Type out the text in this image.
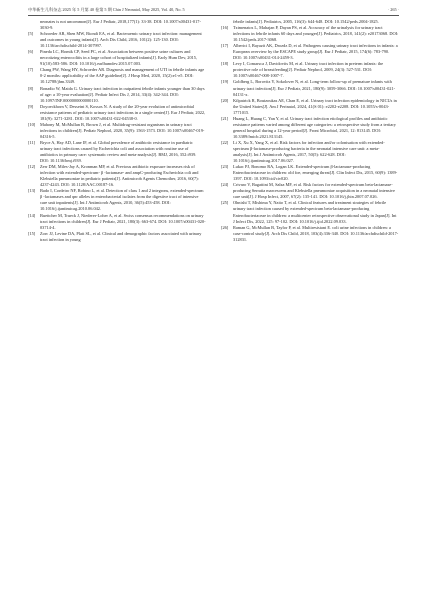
中华新生儿科杂志 2025 年 5 月第 40 卷第 5 期 Chin J Neonatol, May 2025, Vol. 40, No. 5	· 265 ·
neonates is not uncommon[J]. Eur J Pediatr, 2018,177(1): 33-38. DOI: 10.1007/s00431-017-3030-9.
[5] Schroeder AR, Shen MW, Biondi EA, et al. Bacteraemic urinary tract infection: management and outcomes in young infants[J]. Arch Dis Child, 2016, 101(2): 125-130. DOI: 10.1136/archdischild-2014-307997.
[6] Pineda LC, Hornik CP, Seed PC, et al. Association between positive urine cultures and necrotizing enterocolitis in a large cohort of hospitalized infants[J]. Early Hum Dev, 2015, 91(10):583-586. DOI: 10.1016/j.earlhumdev.2015.07.003.
[7] Chang PW, Wang HY, Schroeder AR. Diagnosis and management of UTI in febrile infants age 0-2 months: applicability of the AAP guideline[J]. J Hosp Med, 2020, 15(2):e1-e5. DOI: 10.12788/jhm.3349.
[8] Bonadio W, Maida G. Urinary tract infection in outpatient febrile infants younger than 30 days of age: a 10-year evaluation[J]. Pediatr Infect Dis J, 2014, 33(4): 342-344. DOI: 10.1097/INF.0000000000000110.
[9] Doyoeckhorn V, Desseint S, Kossos N. A study of the 20-year evolution of antimicrobial resistance patterns of pediatric urinary tract infections in a single center[J]. Eur J Pediatr, 2022, 181(9): 3271-3281. DOI: 10.1007/s00431-022-04538-0.
[10] Mahony M, McMullan B, Brown J, et al. Multidrug-resistant organisms in urinary tract infections in children[J]. Pediatr Nephrol, 2020, 35(9): 1563-1573. DOI: 10.1007/s00467-019-04316-5.
[11] Bryce A, Hay AD, Lane IF, et al. Global prevalence of antibiotic resistance in paediatric urinary tract infections caused by Escherichia coli and association with routine use of antibiotics in primary care: systematic review and meta-analysis[J]. BMJ, 2016, 352:i939. DOI: 10.1136/bmj.i939.
[12] Zerr DM, Miles-Jay A, Kronman MP, et al. Previous antibiotic exposure increases risk of infection with extended-spectrum- β -lactamase- and ampC-producing Escherichia coli and Klebsiella pneumoniae in pediatric patients[J]. Antimicrob Agents Chemother, 2016, 60(7): 4237-4243. DOI: 10.1128/AAC.00187-16.
[13] Bado I, Cordeiro NF, Robino L, et al. Detection of class 1 and 2 integrons, extended-spectrum β -lactamases and qnr alleles in enterobacterial isolates from the digestive tract of intensive care unit inpatients[J]. Int J Antimicrob Agents, 2010, 36(5):453-458. DOI: 10.1016/j.ijantimicag.2010.06.042.
[14] Buettcher M, Trueck J, Niederer-Loher A, et al. Swiss consensus recommendations on urinary tract infections in children[J]. Eur J Pediatr, 2021, 180(3): 663-674. DOI: 10.1007/s00431-020-03714-4.
[15] Zorc JJ, Levine DA, Platt SL, et al. Clinical and demographic factors associated with urinary tract infection in young
febrile infants[J]. Pediatrics, 2005, 116(3): 644-648. DOI: 10.1542/peds.2004-1825.
[16] Tzimenatos L, Mahajan P, Dayan PS, et al. Accuracy of the urinalysis for urinary tract infections in febrile infants 60 days and younger[J]. Pediatrics, 2018, 141(2): e20173068. DOI: 10.1542/peds.2017-3068.
[17] Alberici I, Bayazit AK, Drozdz D, et al. Pathogens causing urinary tract infections in infants: a European overview by the ESCAPE study group[J]. Eur J Pediatr, 2015, 174(6): 783-790. DOI: 10.1007/s00431-014-2459-3.
[18] Levy I, Comarsca J, Davidovits M, et al. Urinary tract infection in preterm infants: the protective role of breastfeeding[J]. Pediatr Nephrol, 2009, 24(3): 527-531. DOI: 10.1007/s00467-008-1007-7.
[19] Goldberg L, Borovitz Y, Sokolover N, et al. Long-term follow-up of premature infants with urinary tract infection[J]. Eur J Pediatr, 2021, 180(9): 3059-3066. DOI: 10.1007/s00431-021-04131-x.
[20] Kilpatrick R, Boutzoukas AE, Chan E, et al. Urinary tract infection epidemiology in NICUs in the United States[J]. Am J Perinatol, 2024, 41(S 01): e2202-e2208. DOI: 10.1055/s-0043-1771015.
[21] Huang L, Huang C, Yan Y, et al. Urinary tract infection etiological profiles and antibiotic resistance patterns varied among different age categories: a retrospective study from a tertiary general hospital during a 12-year period[J]. Front Microbiol, 2021, 12: 813145. DOI: 10.3389/fmicb.2021.813145.
[22] Li X, Xu X, Yang X, et al. Risk factors for infection and/or colonisation with extended-spectrum β-lactamase-producing bacteria in the neonatal intensive care unit: a meta-analysis[J]. Int J Antimicrob Agents, 2017, 50(5): 622-628. DOI: 10.1016/j.ijantimicag.2017.06.027.
[23] Lukac PJ, Bonomo RA, Logan LK. Extended-spectrum β-lactamase-producing Enterobacteriaceae in children: old foe, emerging threat[J]. Clin Infect Dis, 2015, 60(9): 1389-1397. DOI: 10.1093/cid/civ020.
[24] Crivaro V, Bagattini M, Salza MF, et al. Risk factors for extended-spectrum beta-lactamase-producing Serratia marcescens and Klebsiella pneumoniae acquisition in a neonatal intensive care unit[J]. J Hosp Infect, 2007, 67(2): 135-141. DOI: 10.1016/j.jhin.2007.07.026.
[25] Ohnishi T, Mishima Y, Naito T, et al. Clinical features and treatment strategies of febrile urinary tract infection caused by extended-spectrum beta-lactamase-producing Enterobacteriaceae in children: a multicenter retrospective observational study in Japan[J]. Int J Infect Dis, 2022, 125: 97-102. DOI: 10.1016/j.ijid.2022.09.033.
[26] Raman G, McMullan B, Taylor P, et al. Multiresistant E. coli urine infections in children: a case-control study[J]. Arch Dis Child, 2018, 103(4):336-340. DOI: 10.1136/archdischild-2017-312831.
